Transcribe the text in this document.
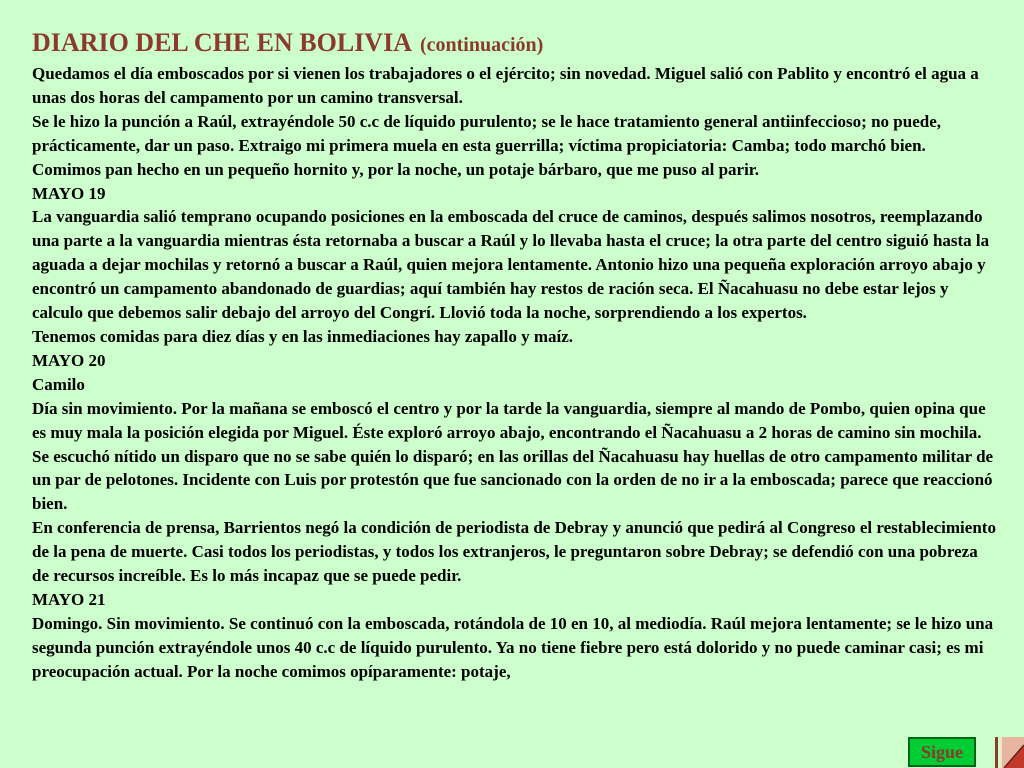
DIARIO DEL CHE EN BOLIVIA (continuación)

Quedamos el día emboscados por si vienen los trabajadores o el ejército; sin novedad. Miguel salió con Pablito y encontró el agua a unas dos horas del campamento por un camino transversal.

Se le hizo la punción a Raúl, extrayéndole 50 c.c de líquido purulento; se le hace tratamiento general antiinfeccioso; no puede, prácticamente, dar un paso. Extraigo mi primera muela en esta guerrilla; víctima propiciatoria: Camba; todo marchó bien. Comimos pan hecho en un pequeño hornito y, por la noche, un potaje bárbaro, que me puso al parir.

MAYO 19

La vanguardia salió temprano ocupando posiciones en la emboscada del cruce de caminos, después salimos nosotros, reemplazando una parte a la vanguardia mientras ésta retornaba a buscar a Raúl y lo llevaba hasta el cruce; la otra parte del centro siguió hasta la aguada a dejar mochilas y retornó a buscar a Raúl, quien mejora lentamente. Antonio hizo una pequeña exploración arroyo abajo y encontró un campamento abandonado de guardias; aquí también hay restos de ración seca. El Ñacahuasu no debe estar lejos y calculo que debemos salir debajo del arroyo del Congrí. Llovió toda la noche, sorprendiendo a los expertos.

Tenemos comidas para diez días y en las inmediaciones hay zapallo y maíz.

MAYO 20

Camilo

Día sin movimiento. Por la mañana se emboscó el centro y por la tarde la vanguardia, siempre al mando de Pombo, quien opina que es muy mala la posición elegida por Miguel. Éste exploró arroyo abajo, encontrando el Ñacahuasu a 2 horas de camino sin mochila. Se escuchó nítido un disparo que no se sabe quién lo disparó; en las orillas del Ñacahuasu hay huellas de otro campamento militar de un par de pelotones. Incidente con Luis por protestón que fue sancionado con la orden de no ir a la emboscada; parece que reaccionó bien.

En conferencia de prensa, Barrientos negó la condición de periodista de Debray y anunció que pedirá al Congreso el restablecimiento de la pena de muerte. Casi todos los periodistas, y todos los extranjeros, le preguntaron sobre Debray; se defendió con una pobreza de recursos increíble. Es lo más incapaz que se puede pedir.

MAYO 21

Domingo. Sin movimiento. Se continuó con la emboscada, rotándola de 10 en 10, al mediodía. Raúl mejora lentamente; se le hizo una segunda punción extrayéndole unos 40 c.c de líquido purulento. Ya no tiene fiebre pero está dolorido y no puede caminar casi; es mi preocupación actual. Por la noche comimos opíparamente: potaje,

Sigue
